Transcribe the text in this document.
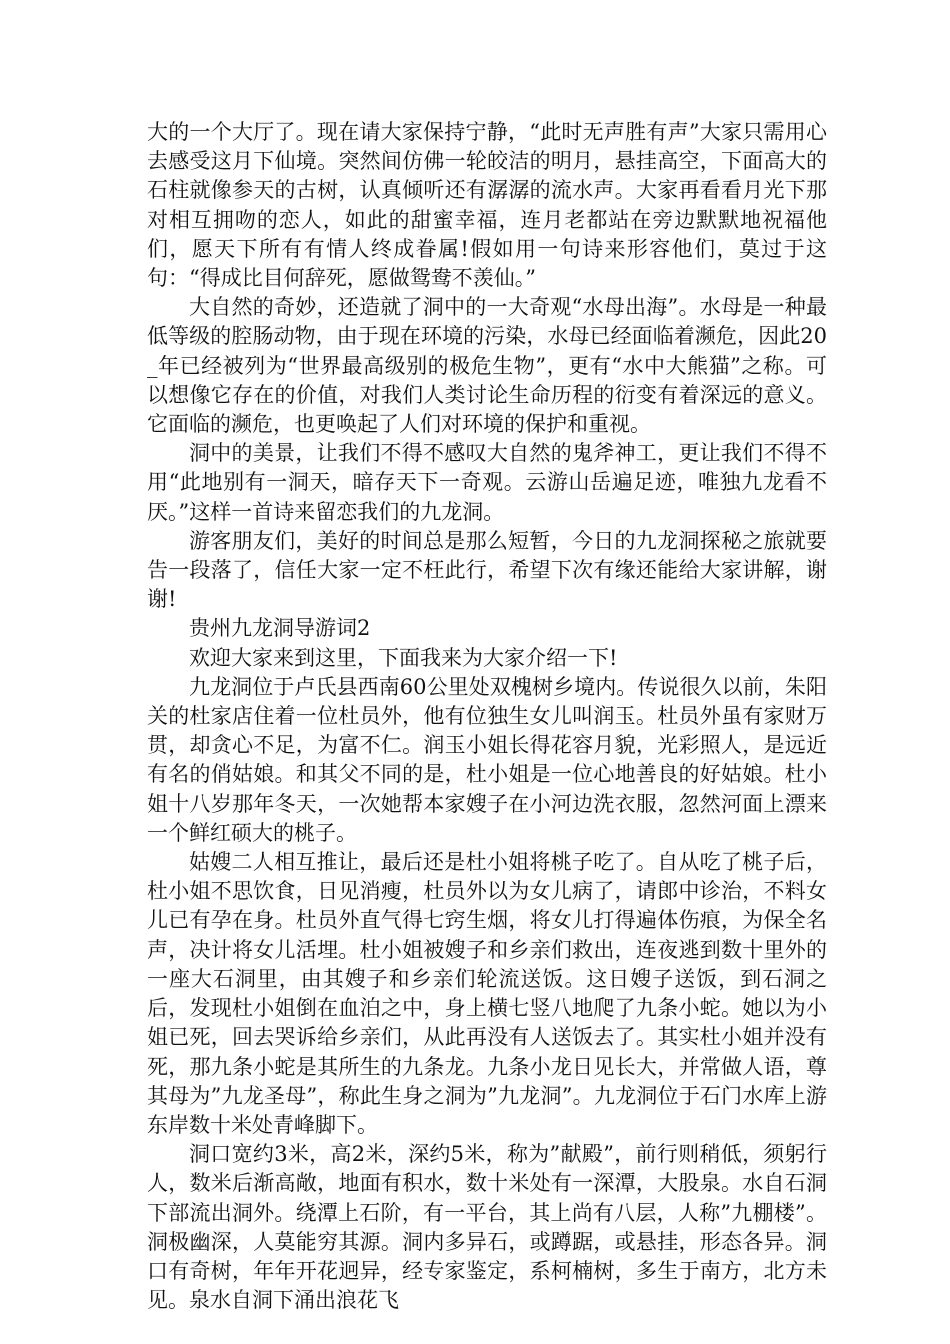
大的一个大厅了。现在请大家保持宁静，“此时无声胜有声”大家只需用心去感受这月下仙境。突然间仿佛一轮皎洁的明月，悬挂高空，下面高大的石柱就像参天的古树，认真倾听还有潺潺的流水声。大家再看看月光下那对相互拥吻的恋人，如此的甜蜜幸福，连月老都站在旁边默默地祝福他们，愿天下所有有情人终成眷属!假如用一句诗来形容他们，莫过于这句：“得成比目何辞死，愿做鸳鸯不羡仙。”

大自然的奇妙，还造就了洞中的一大奇观“水母出海”。水母是一种最低等级的腔肠动物，由于现在环境的污染，水母已经面临着濒危，因此20_年已经被列为“世界最高级别的极危生物”，更有“水中大熊猫”之称。可以想像它存在的价值，对我们人类讨论生命历程的衍变有着深远的意义。它面临的濒危，也更唤起了人们对环境的保护和重视。

洞中的美景，让我们不得不感叹大自然的鬼斧神工，更让我们不得不用“此地别有一洞天，暗存天下一奇观。云游山岳遍足迹，唯独九龙看不厌。”这样一首诗来留恋我们的九龙洞。

游客朋友们，美好的时间总是那么短暂，今日的九龙洞探秘之旅就要告一段落了，信任大家一定不枉此行，希望下次有缘还能给大家讲解，谢谢!

贵州九龙洞导游词2

欢迎大家来到这里，下面我来为大家介绍一下!

九龙洞位于卢氏县西南60公里处双槐树乡境内。传说很久以前，朱阳关的杜家店住着一位杜员外，他有位独生女儿叫润玉。杜员外虽有家财万贯，却贪心不足，为富不仁。润玉小姐长得花容月貌，光彩照人，是远近有名的俏姑娘。和其父不同的是，杜小姐是一位心地善良的好姑娘。杜小姐十八岁那年冬天，一次她帮本家嫂子在小河边洗衣服，忽然河面上漂来一个鲜红硕大的桃子。

姑嫂二人相互推让，最后还是杜小姐将桃子吃了。自从吃了桃子后，杜小姐不思饮食，日见消瘦，杜员外以为女儿病了，请郎中诊治，不料女儿已有孕在身。杜员外直气得七窍生烟，将女儿打得遍体伤痕，为保全名声，决计将女儿活埋。杜小姐被嫂子和乡亲们救出，连夜逃到数十里外的一座大石洞里，由其嫂子和乡亲们轮流送饭。这日嫂子送饭，到石洞之后，发现杜小姐倒在血泊之中，身上横七竖八地爬了九条小蛇。她以为小姐已死，回去哭诉给乡亲们，从此再没有人送饭去了。其实杜小姐并没有死，那九条小蛇是其所生的九条龙。九条小龙日见长大，并常做人语，尊其母为”九龙圣母”，称此生身之洞为”九龙洞”。九龙洞位于石门水库上游东岸数十米处青峰脚下。

洞口宽约3米，高2米，深约5米，称为”献殿”，前行则稍低，须躬行人，数米后渐高敞，地面有积水，数十米处有一深潭，大股泉。水自石洞下部流出洞外。绕潭上石阶，有一平台，其上尚有八层，人称”九棚楼”。洞极幽深，人莫能穷其源。洞内多异石，或蹲踞，或悬挂，形态各异。洞口有奇树，年年开花迥异，经专家鉴定，系柯楠树，多生于南方，北方未见。泉水自洞下涌出浪花飞
